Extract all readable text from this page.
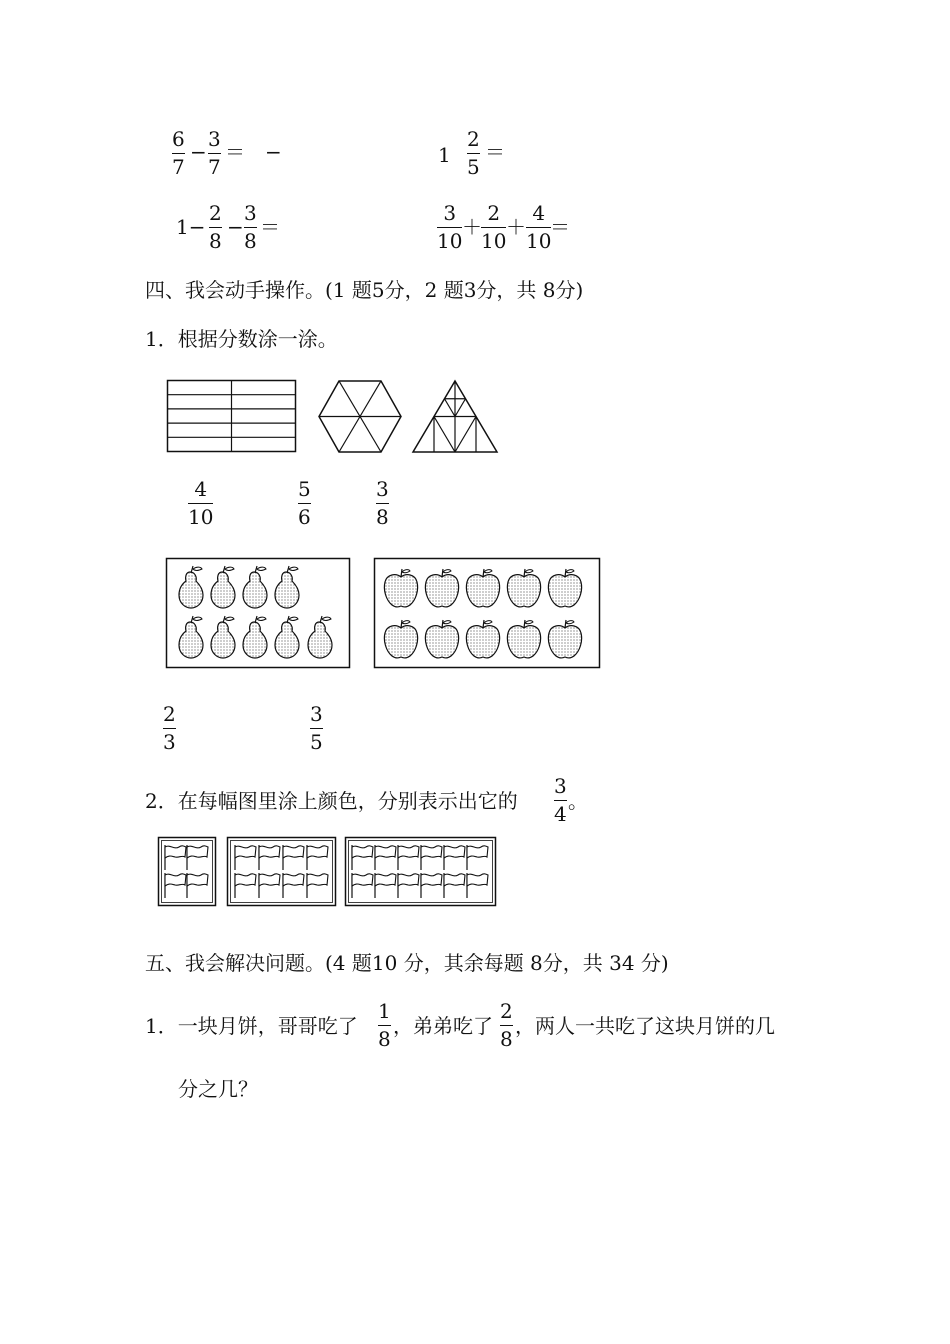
6
7
−
3
7
＝　−	1
2
5
＝
1−
2
8
−
3
8
＝
3
10
＋
2
10
＋
4
10
＝
四、我会动手操作。(1 题5分，2 题3分，共 8分)
1．根据分数涂一涂。
4
10
5
6
3
8
2
3
3
5
2．在每幅图里涂上颜色，分别表示出它的
3
4
。
五、我会解决问题。(4 题10 分，其余每题 8分，共 34 分)
1．一块月饼，哥哥吃了
1
8
，弟弟吃了
2
8
，两人一共吃了这块月饼的几
分之几？
